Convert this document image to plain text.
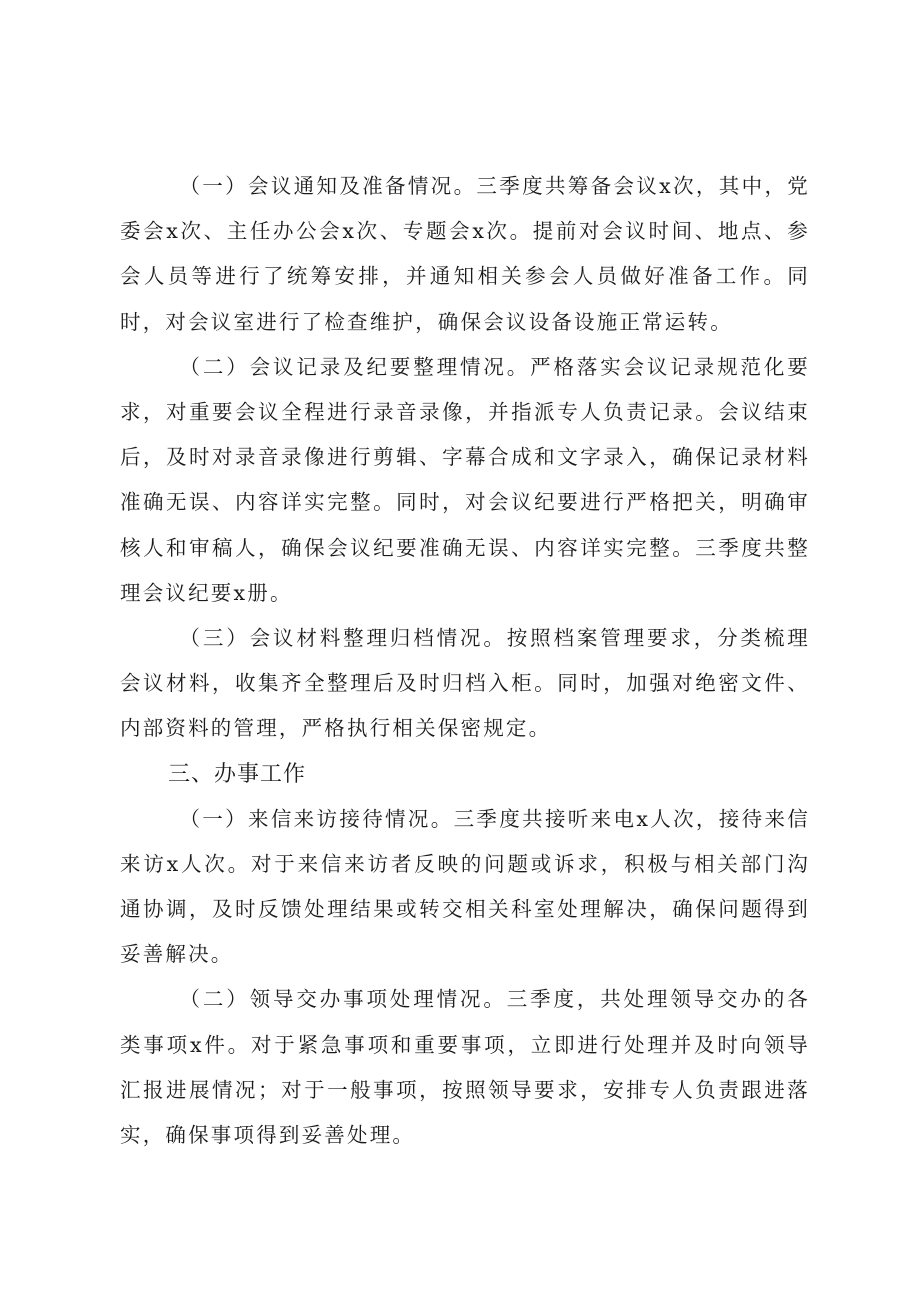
（一）会议通知及准备情况。三季度共筹备会议x次，其中，党委会x次、主任办公会x次、专题会x次。提前对会议时间、地点、参会人员等进行了统筹安排，并通知相关参会人员做好准备工作。同时，对会议室进行了检查维护，确保会议设备设施正常运转。

（二）会议记录及纪要整理情况。严格落实会议记录规范化要求，对重要会议全程进行录音录像，并指派专人负责记录。会议结束后，及时对录音录像进行剪辑、字幕合成和文字录入，确保记录材料准确无误、内容详实完整。同时，对会议纪要进行严格把关，明确审核人和审稿人，确保会议纪要准确无误、内容详实完整。三季度共整理会议纪要x册。

（三）会议材料整理归档情况。按照档案管理要求，分类梳理会议材料，收集齐全整理后及时归档入柜。同时，加强对绝密文件、内部资料的管理，严格执行相关保密规定。

三、办事工作

（一）来信来访接待情况。三季度共接听来电x人次，接待来信来访x人次。对于来信来访者反映的问题或诉求，积极与相关部门沟通协调，及时反馈处理结果或转交相关科室处理解决，确保问题得到妥善解决。

（二）领导交办事项处理情况。三季度，共处理领导交办的各类事项x件。对于紧急事项和重要事项，立即进行处理并及时向领导汇报进展情况；对于一般事项，按照领导要求，安排专人负责跟进落实，确保事项得到妥善处理。
